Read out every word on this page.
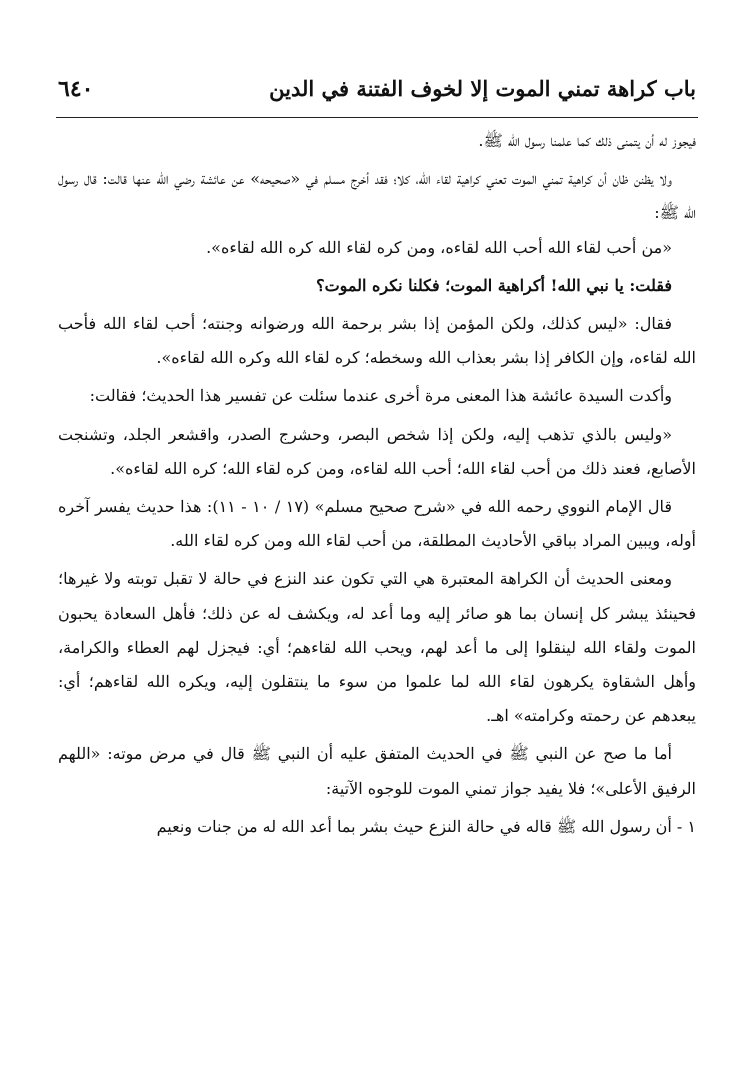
باب كراهة تمني الموت إلا لخوف الفتنة في الدين
٦٤٠

فيجوز له أن يتمنى ذلك كما علمنا رسول الله ﷺ.

ولا يظنن ظان أن كراهية تمني الموت تعني كراهية لقاء الله، كلا؛ فقد أخرج مسلم في «صحيحه» عن عائشة رضي الله عنها قالت: قال رسول الله ﷺ:

«من أحب لقاء الله أحب الله لقاءه، ومن كره لقاء الله كره الله لقاءه».

فقلت: يا نبي الله! أكراهية الموت؛ فكلنا نكره الموت؟

فقال: «ليس كذلك، ولكن المؤمن إذا بشر برحمة الله ورضوانه وجنته؛ أحب لقاء الله فأحب الله لقاءه، وإن الكافر إذا بشر بعذاب الله وسخطه؛ كره لقاء الله وكره الله لقاءه».

وأكدت السيدة عائشة هذا المعنى مرة أخرى عندما سئلت عن تفسير هذا الحديث؛ فقالت:

«وليس بالذي تذهب إليه، ولكن إذا شخص البصر، وحشرج الصدر، واقشعر الجلد، وتشنجت الأصابع، فعند ذلك من أحب لقاء الله؛ أحب الله لقاءه، ومن كره لقاء الله؛ كره الله لقاءه».

قال الإمام النووي رحمه الله في «شرح صحيح مسلم» (١٧ / ١٠ - ١١): هذا حديث يفسر آخره أوله، ويبين المراد بباقي الأحاديث المطلقة، من أحب لقاء الله ومن كره لقاء الله.

ومعنى الحديث أن الكراهة المعتبرة هي التي تكون عند النزع في حالة لا تقبل توبته ولا غيرها؛ فحينئذ يبشر كل إنسان بما هو صائر إليه وما أعد له، ويكشف له عن ذلك؛ فأهل السعادة يحبون الموت ولقاء الله لينقلوا إلى ما أعد لهم، ويحب الله لقاءهم؛ أي: فيجزل لهم العطاء والكرامة، وأهل الشقاوة يكرهون لقاء الله لما علموا من سوء ما ينتقلون إليه، ويكره الله لقاءهم؛ أي: يبعدهم عن رحمته وكرامته» اهـ.

أما ما صح عن النبي ﷺ في الحديث المتفق عليه أن النبي ﷺ قال في مرض موته: «اللهم الرفيق الأعلى»؛ فلا يفيد جواز تمني الموت للوجوه الآتية:

١ - أن رسول الله ﷺ قاله في حالة النزع حيث بشر بما أعد الله له من جنات ونعيم
